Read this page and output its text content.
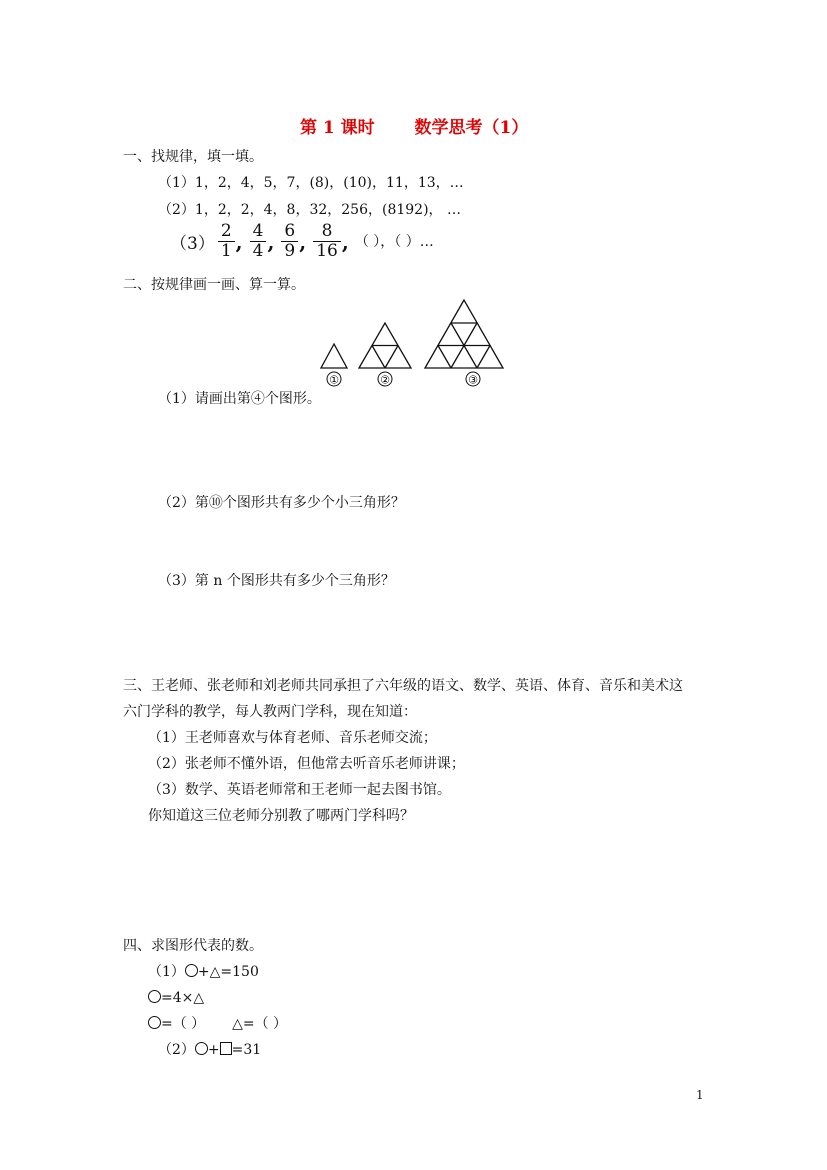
第 1 课时 数学思考（1）
一、找规律，填一填。
（1）1，2，4，5，7，(8)，(10)，11，13，…
（2）1，2，2，4，8，32，256，(8192)， …
$(3) \frac{2}{1}$ , $\frac{4}{4}$ , $\frac{6}{9}$ , $\frac{8}{16}$ , （ ），（ ）…
二、按规律画一画、算一算。
①	②	③
（1）请画出第④个图形。
（2）第⑩个图形共有多少个小三角形？
（3）第 n 个图形共有多少个三角形？
三、王老师、张老师和刘老师共同承担了六年级的语文、数学、英语、体育、音乐和美术这
六门学科的教学，每人教两门学科，现在知道：
（1）王老师喜欢与体育老师、音乐老师交流；
（2）张老师不懂外语，但他常去听音乐老师讲课；
（3）数学、英语老师常和王老师一起去图书馆。
你知道这三位老师分别教了哪两门学科吗？
四、求图形代表的数。
（1） +△=150
=4×△
=（ ） △=（ ）
（2） + =31
1
